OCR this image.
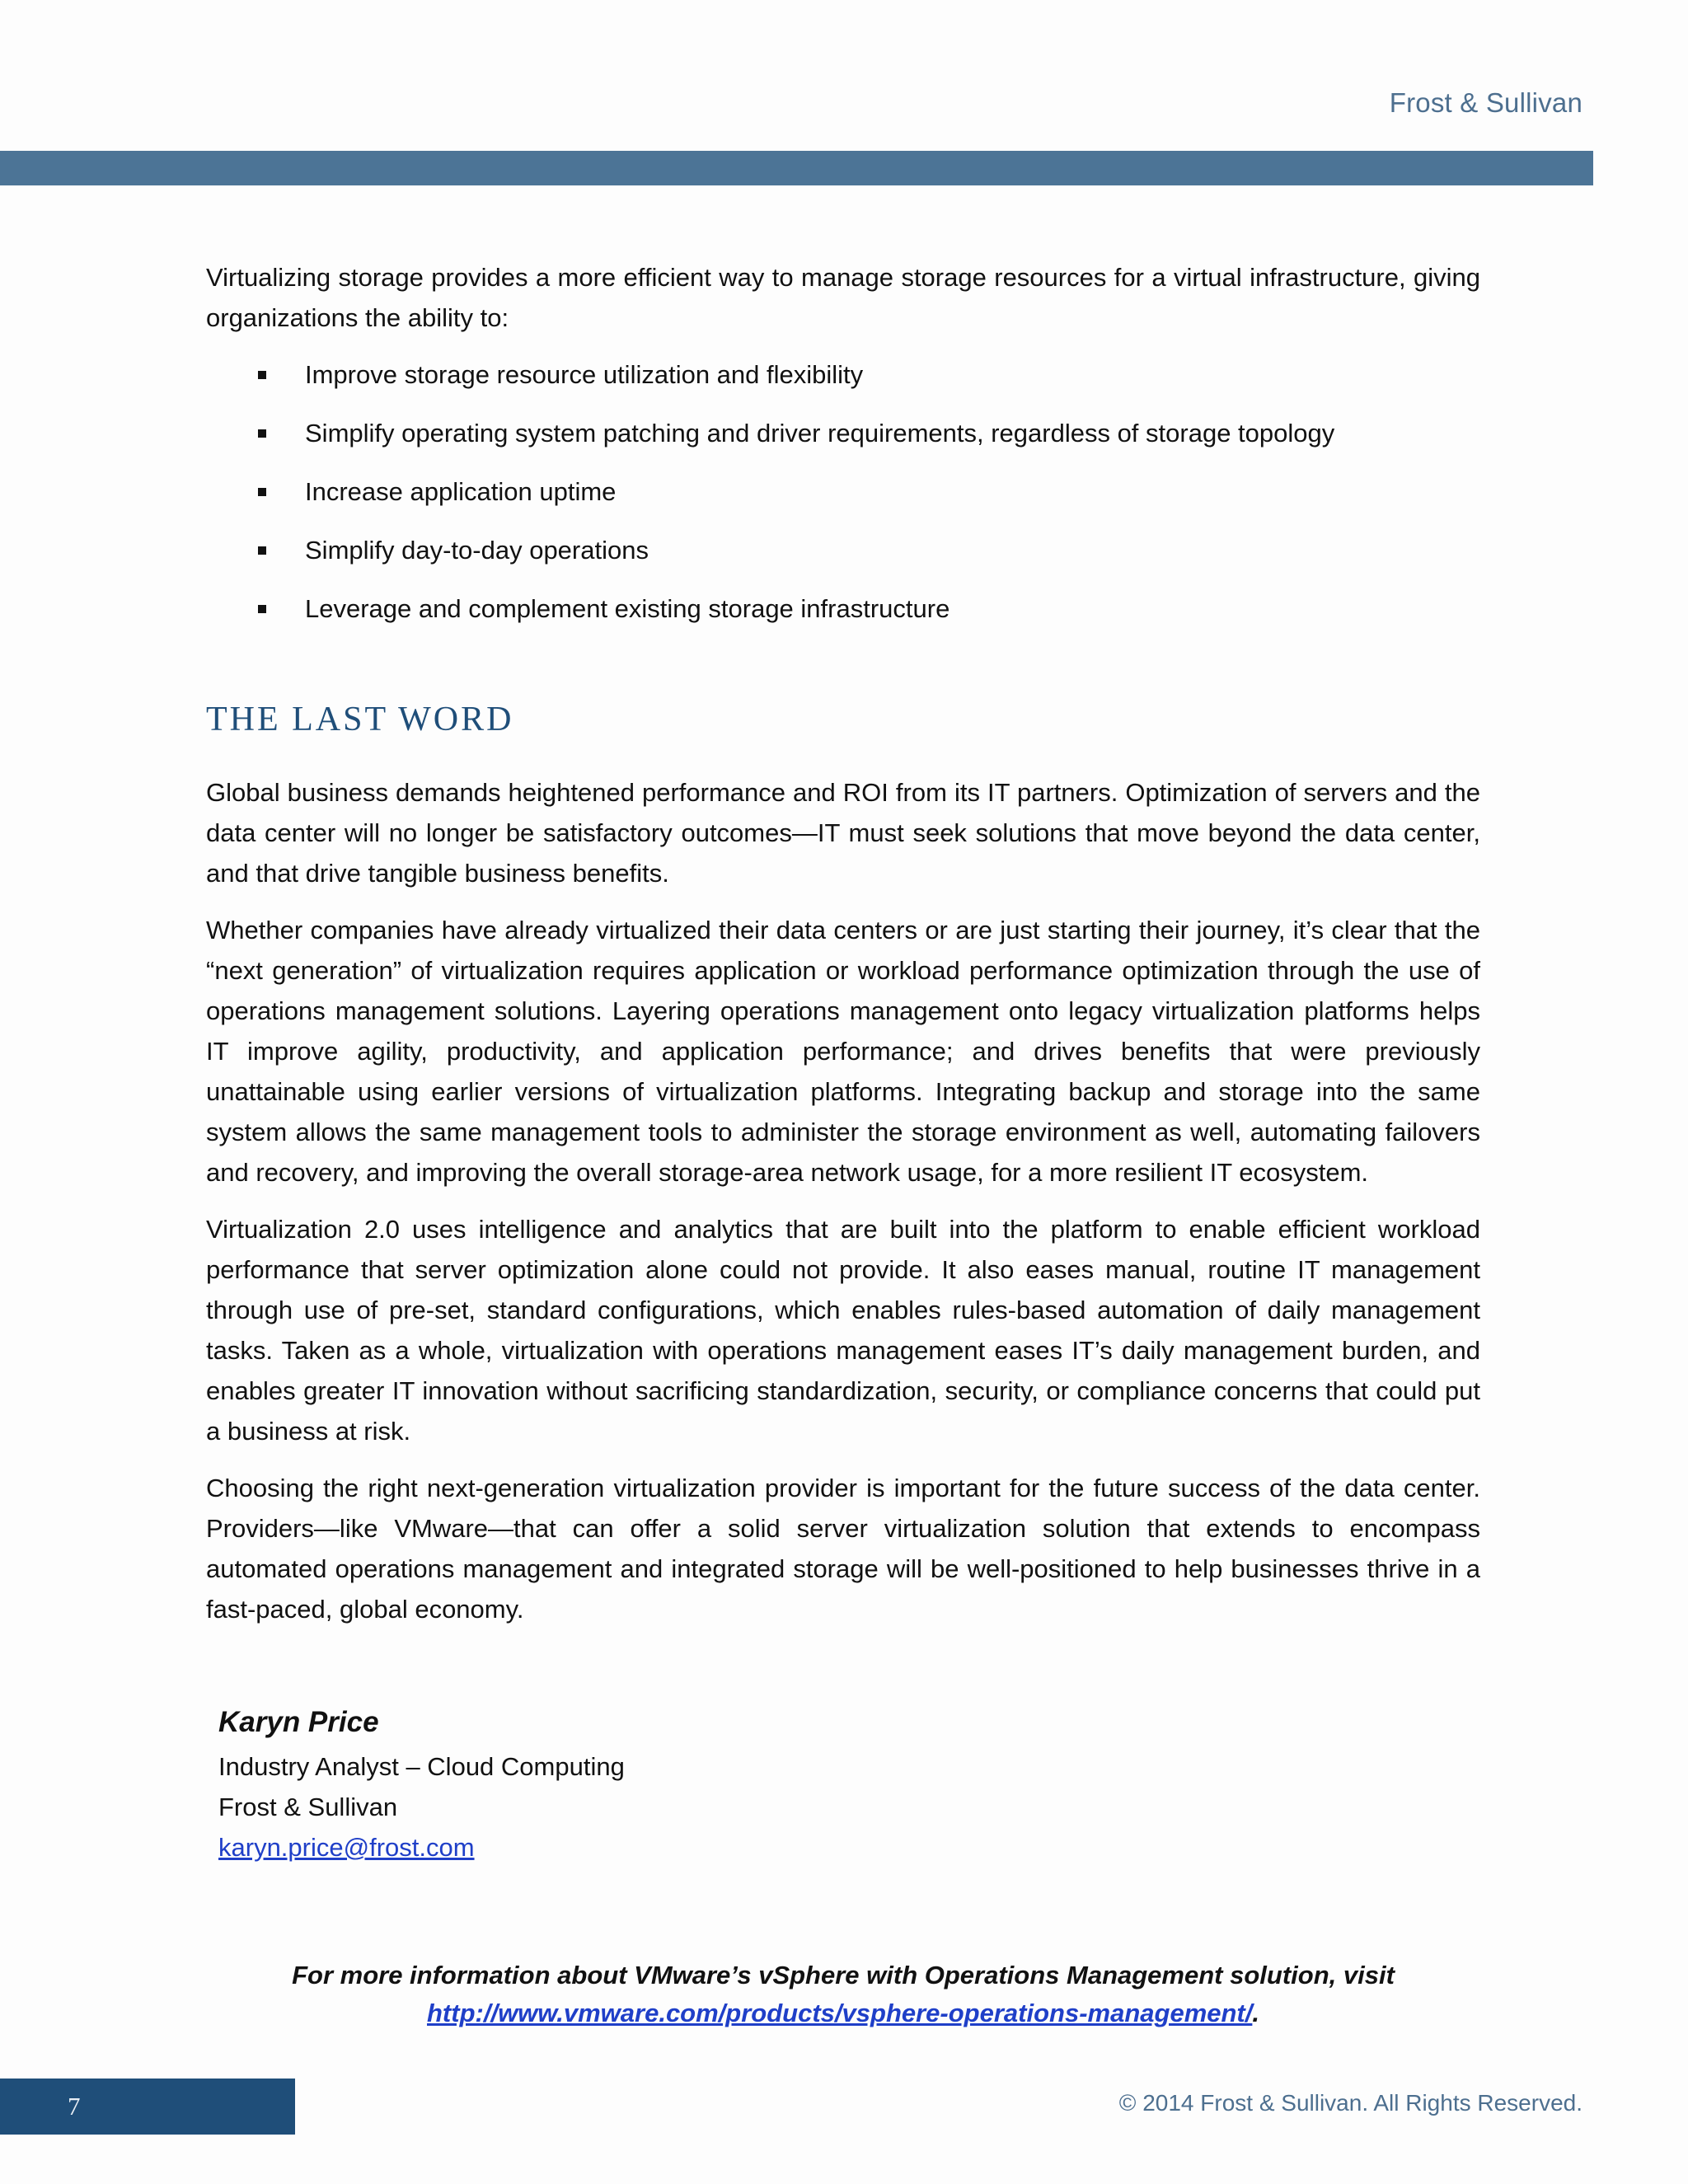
Frost & Sullivan

Virtualizing storage provides a more efficient way to manage storage resources for a virtual infrastructure, giving organizations the ability to:

Improve storage resource utilization and flexibility
Simplify operating system patching and driver requirements, regardless of storage topology
Increase application uptime
Simplify day-to-day operations
Leverage and complement existing storage infrastructure
THE LAST WORD

Global business demands heightened performance and ROI from its IT partners. Optimization of servers and the data center will no longer be satisfactory outcomes—IT must seek solutions that move beyond the data center, and that drive tangible business benefits.

Whether companies have already virtualized their data centers or are just starting their journey, it’s clear that the “next generation” of virtualization requires application or workload performance optimization through the use of operations management solutions. Layering operations management onto legacy virtualization platforms helps IT improve agility, productivity, and application performance; and drives benefits that were previously unattainable using earlier versions of virtualization platforms. Integrating backup and storage into the same system allows the same management tools to administer the storage environment as well, automating failovers and recovery, and improving the overall storage-area network usage, for a more resilient IT ecosystem.

Virtualization 2.0 uses intelligence and analytics that are built into the platform to enable efficient workload performance that server optimization alone could not provide. It also eases manual, routine IT management through use of pre-set, standard configurations, which enables rules-based automation of daily management tasks. Taken as a whole, virtualization with operations management eases IT’s daily management burden, and enables greater IT innovation without sacrificing standardization, security, or compliance concerns that could put a business at risk.

Choosing the right next-generation virtualization provider is important for the future success of the data center. Providers—like VMware—that can offer a solid server virtualization solution that extends to encompass automated operations management and integrated storage will be well-positioned to help businesses thrive in a fast-paced, global economy.

Karyn Price
Industry Analyst – Cloud Computing
Frost & Sullivan
karyn.price@frost.com
For more information about VMware’s vSphere with Operations Management solution, visit
http://www.vmware.com/products/vsphere-operations-management/.
7	© 2014 Frost & Sullivan. All Rights Reserved.
